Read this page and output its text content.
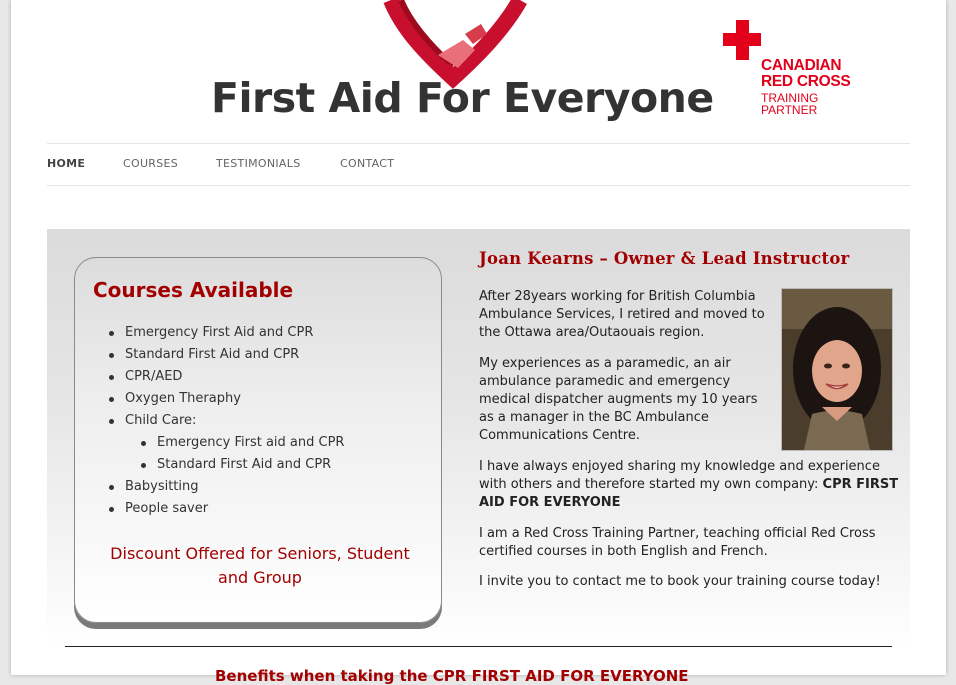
First Aid For Everyone
CANADIAN
RED CROSS
TRAINING
PARTNER
HOME	COURSES	TESTIMONIALS	CONTACT
Courses Available
Emergency First Aid and CPR
Standard First Aid and CPR
CPR/AED
Oxygen Theraphy
Child Care:
Emergency First aid and CPR
Standard First Aid and CPR
Babysitting
People saver
Discount Offered for Seniors, Student and Group
Joan Kearns – Owner & Lead Instructor

After 28years working for British Columbia Ambulance Services, I retired and moved to the Ottawa area/Outaouais region.

My experiences as a paramedic, an air ambulance paramedic and emergency medical dispatcher augments my 10 years as a manager in the BC Ambulance Communications Centre.

I have always enjoyed sharing my knowledge and experience with others and therefore started my own company: CPR FIRST AID FOR EVERYONE

I am a Red Cross Training Partner, teaching official Red Cross certified courses in both English and French.

I invite you to contact me to book your training course today!

Benefits when taking the CPR FIRST AID FOR EVERYONE
